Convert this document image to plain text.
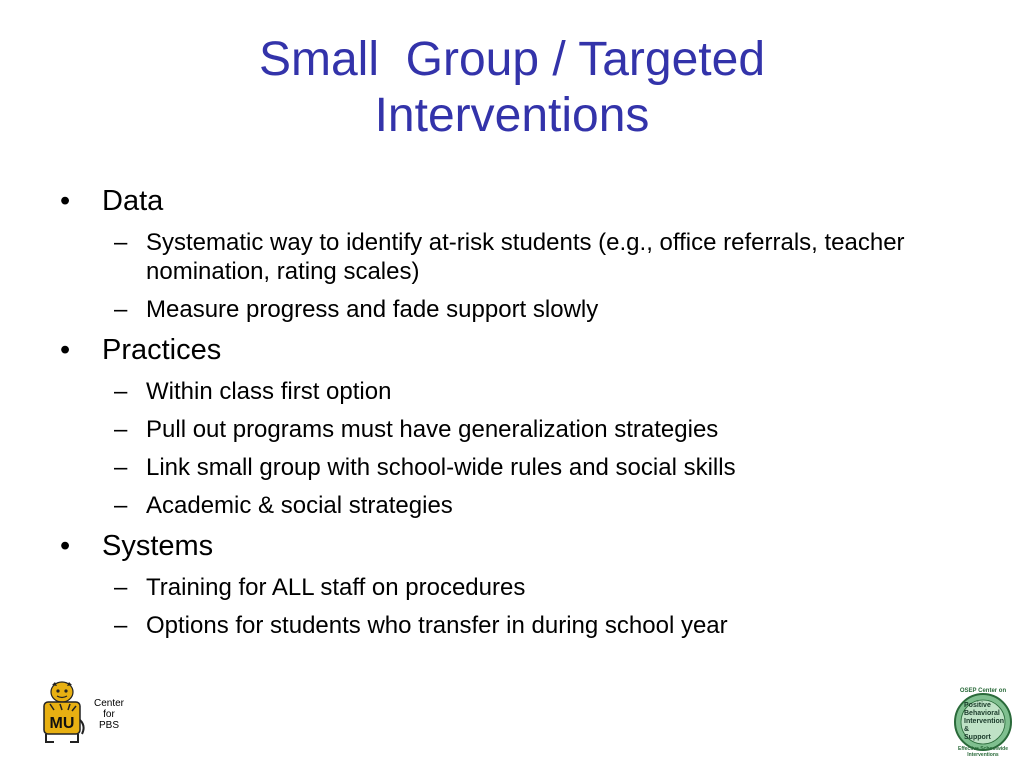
Small  Group / Targeted
Interventions
•	Data
– Systematic way to identify at-risk students (e.g., office referrals, teacher nomination, rating scales)
– Measure progress and fade support slowly
•	Practices
– Within class first option
– Pull out programs must have generalization strategies
– Link small group with school-wide rules and social skills
– Academic & social strategies
•	Systems
– Training for ALL staff on procedures
– Options for students who transfer in during school year
MU
Center
for
PBS
OSEP Center on
Positive
Behavioral
Intervention
&
Support
Effective Schoolwide Interventions
